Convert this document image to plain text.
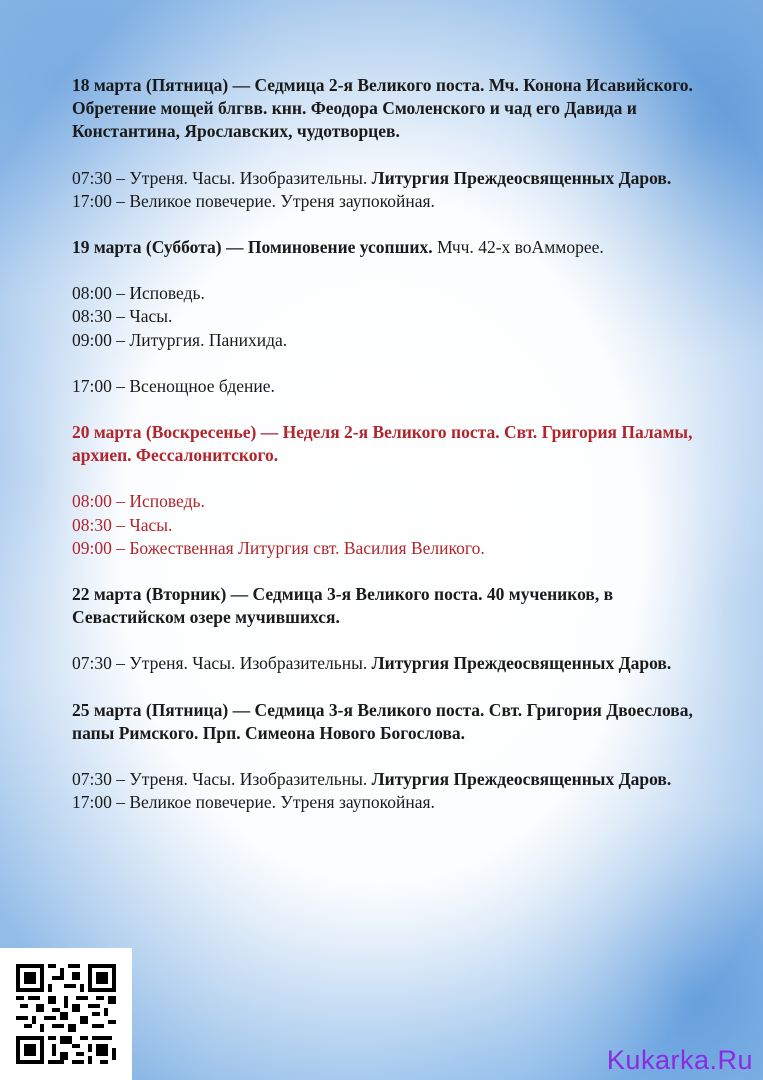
18 марта (Пятница) — Седмица 2-я Великого поста. Мч. Конона Исавийского. Обретение мощей блгвв. кнн. Феодора Смоленского и чад его Давида и Константина, Ярославских, чудотворцев.
07:30 – Утреня. Часы. Изобразительны. Литургия Преждеосвященных Даров.
17:00 – Великое повечерие. Утреня заупокойная.
19 марта (Суббота) — Поминовение усопших. Мчч. 42-х воАмморее.
08:00 – Исповедь.
08:30 – Часы.
09:00 – Литургия. Панихида.
17:00 – Всенощное бдение.
20 марта (Воскресенье) — Неделя 2-я Великого поста. Свт. Григория Паламы, архиеп. Фессалонитского.
08:00 – Исповедь.
08:30 – Часы.
09:00 – Божественная Литургия свт. Василия Великого.
22 марта (Вторник) — Седмица 3-я Великого поста. 40 мучеников, в Севастийском озере мучившихся.
07:30 – Утреня. Часы. Изобразительны. Литургия Преждеосвященных Даров.
25 марта (Пятница) — Седмица 3-я Великого поста. Свт. Григория Двоеслова, папы Римского. Прп. Симеона Нового Богослова.
07:30 – Утреня. Часы. Изобразительны. Литургия Преждеосвященных Даров.
17:00 – Великое повечерие. Утреня заупокойная.
Kukarka.Ru
